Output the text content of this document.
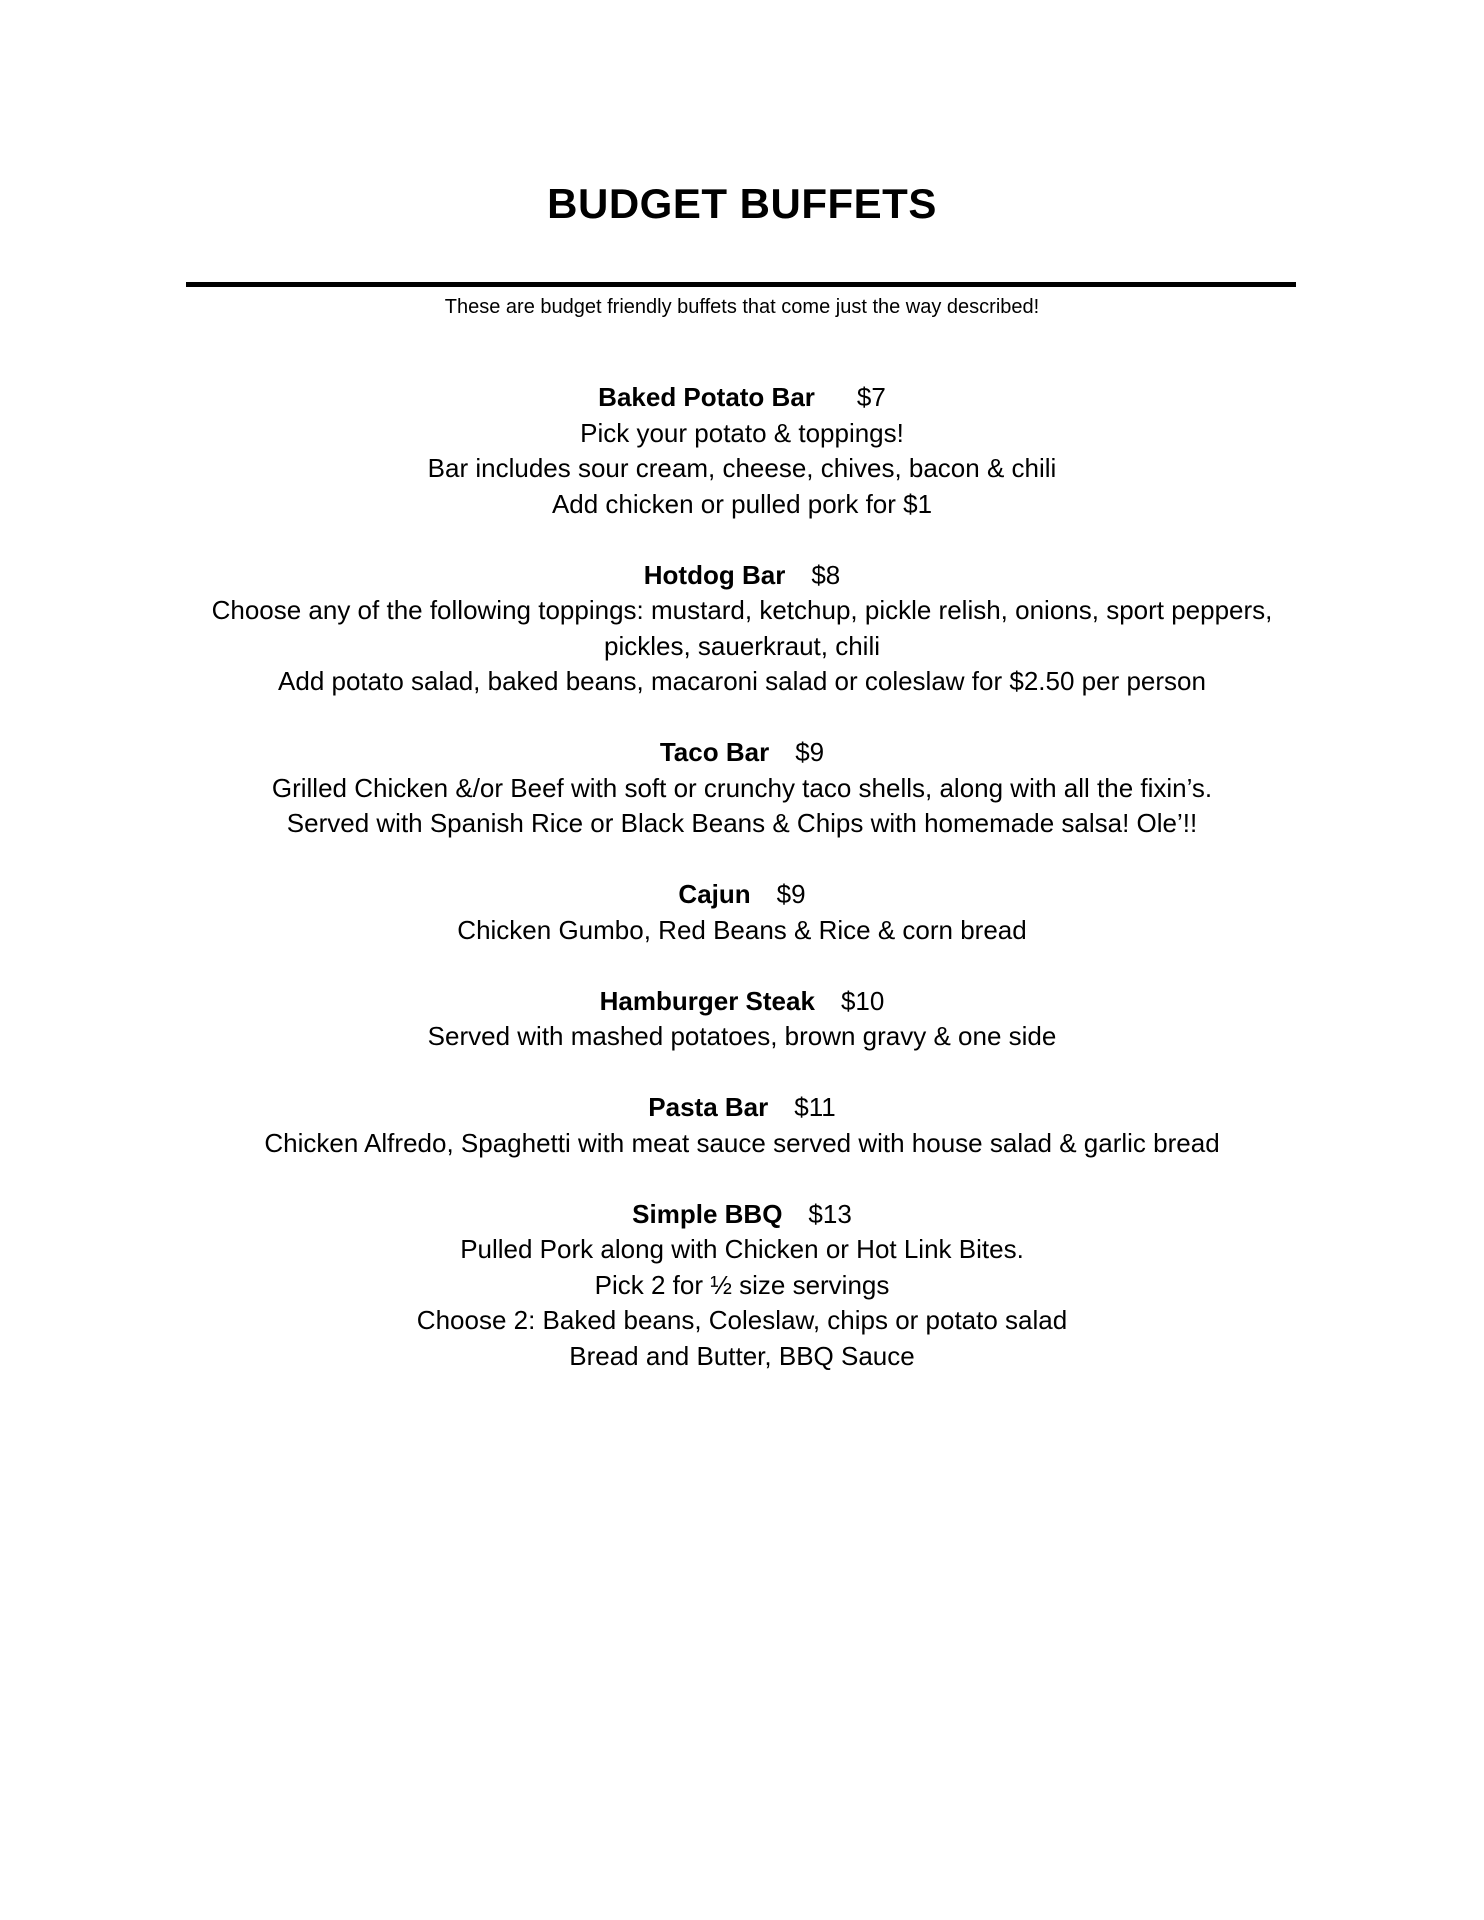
BUDGET BUFFETS
These are budget friendly buffets that come just the way described!

Baked Potato Bar $7

Pick your potato & toppings!

Bar includes sour cream, cheese, chives, bacon & chili

Add chicken or pulled pork for $1

Hotdog Bar $8

Choose any of the following toppings: mustard, ketchup, pickle relish, onions, sport peppers,

pickles, sauerkraut, chili

Add potato salad, baked beans, macaroni salad or coleslaw for $2.50 per person

Taco Bar $9

Grilled Chicken &/or Beef with soft or crunchy taco shells, along with all the fixin’s.

Served with Spanish Rice or Black Beans & Chips with homemade salsa! Ole’!!

Cajun $9

Chicken Gumbo, Red Beans & Rice & corn bread

Hamburger Steak $10

Served with mashed potatoes, brown gravy & one side

Pasta Bar $11

Chicken Alfredo, Spaghetti with meat sauce served with house salad & garlic bread

Simple BBQ $13

Pulled Pork along with Chicken or Hot Link Bites.

Pick 2 for ½ size servings

Choose 2: Baked beans, Coleslaw, chips or potato salad

Bread and Butter, BBQ Sauce
